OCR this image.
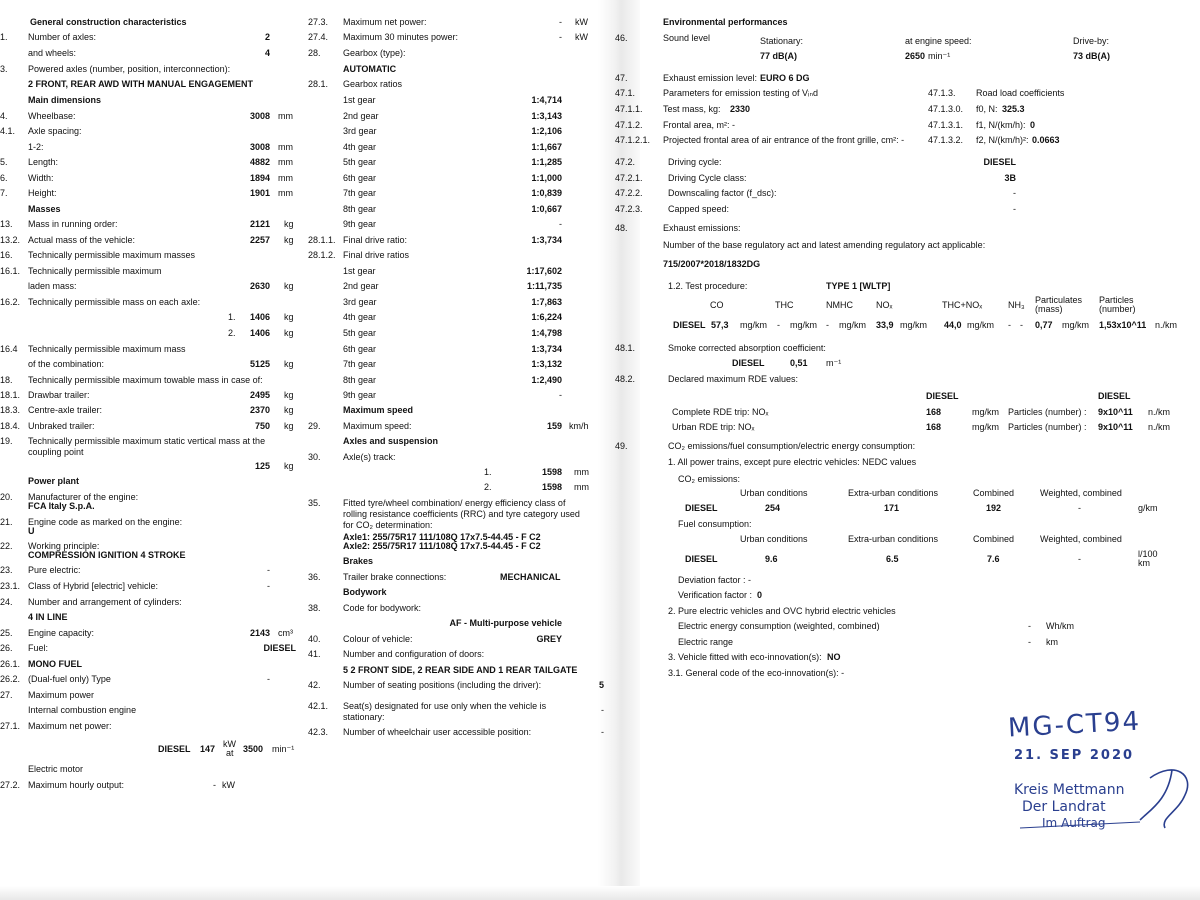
General construction characteristics
1.	Number of axles:	2
and wheels:	4
3.	Powered axles (number, position, interconnection):
2 FRONT, REAR AWD WITH MANUAL ENGAGEMENT
Main dimensions
4.	Wheelbase:	3008 mm
4.1.	Axle spacing:
1-2:	3008 mm
5.	Length:	4882 mm
6.	Width:	1894 mm
7.	Height:	1901 mm
Masses
13.	Mass in running order:	2121 kg
13.2. Actual mass of the vehicle:	2257 kg
16.	Technically permissible maximum masses
16.1. Technically permissible maximum
laden mass:	2630 kg
16.2. Technically permissible mass on each axle:
1.	1406 kg
2.	1406 kg
16.4	Technically permissible maximum mass
of the combination:	5125 kg
18.	Technically permissible maximum towable mass in case of:
18.1. Drawbar trailer:	2495 kg
18.3. Centre-axle trailer:	2370 kg
18.4. Unbraked trailer:	750 kg
19.	Technically permissible maximum static vertical mass at the coupling point
125 kg
Power plant
20.	Manufacturer of the engine:
FCA Italy S.p.A.
21.	Engine code as marked on the engine:
U
22.	Working principle:
COMPRESSION IGNITION 4 STROKE
23.	Pure electric:	-
23.1. Class of Hybrid [electric] vehicle:	-
24.	Number and arrangement of cylinders:
4 IN LINE
25.	Engine capacity:	2143 cm³
26.	Fuel:	DIESEL
26.1. MONO FUEL
26.2. (Dual-fuel only) Type	-
27.	Maximum power
Internal combustion engine
27.1. Maximum net power:
DIESEL	147 kW
at	3500 min⁻¹
Electric motor
27.2. Maximum hourly output:	- kW
27.3.	Maximum net power:	- kW
27.4.	Maximum 30 minutes power:	- kW
28.	Gearbox (type):
AUTOMATIC
28.1.	Gearbox ratios
1st gear	1:4,714
2nd gear	1:3,143
3rd gear	1:2,106
4th gear	1:1,667
5th gear	1:1,285
6th gear	1:1,000
7th gear	1:0,839
8th gear	1:0,667
9th gear	-
28.1.1. Final drive ratio:	1:3,734
28.1.2. Final drive ratios
1st gear	1:17,602
2nd gear	1:11,735
3rd gear	1:7,863
4th gear	1:6,224
5th gear	1:4,798
6th gear	1:3,734
7th gear	1:3,132
8th gear	1:2,490
9th gear	-
Maximum speed
29.	Maximum speed:	159 km/h
Axles and suspension
30.	Axle(s) track:
1.	1598 mm
2.	1598 mm
35.	Fitted tyre/wheel combination/ energy efficiency class of rolling resistance coefficients (RRC) and tyre category used for CO₂ determination:
Axle1: 255/75R17 111/108Q 17x7.5-44.45 - F C2
Axle2: 255/75R17 111/108Q 17x7.5-44.45 - F C2
Brakes
36.	Trailer brake connections:	MECHANICAL
Bodywork
38.	Code for bodywork:
AF - Multi-purpose vehicle
40.	Colour of vehicle:	GREY
41.	Number and configuration of doors:
5 2 FRONT SIDE, 2 REAR SIDE AND 1 REAR TAILGATE
42.	Number of seating positions (including the driver):	5
42.1.	Seat(s) designated for use only when the vehicle is stationary:
-
42.3.	Number of wheelchair user accessible position:	-
Environmental performances
46.	Sound level	Stationary:	at engine speed:	Drive-by:
77 dB(A)	2650 min⁻¹	73 dB(A)
47.	Exhaust emission level: EURO 6 DG
47.1.	Parameters for emission testing of Vᵢₙd	47.1.3.	Road load coefficients
47.1.1.	Test mass, kg:	2330	47.1.3.0.	f0, N: 325.3
47.1.2.	Frontal area, m²: -	47.1.3.1.	f1, N/(km/h): 0
47.1.2.1.	Projected frontal area of air entrance of the front grille, cm²: -	47.1.3.2.	f2, N/(km/h)²: 0.0663
47.2.	Driving cycle:	DIESEL
47.2.1.	Driving Cycle class:	3B
47.2.2.	Downscaling factor (f_dsc):	-
47.2.3.	Capped speed:	-
48.	Exhaust emissions:
Number of the base regulatory act and latest amending regulatory act applicable:
715/2007*2018/1832DG
1.2. Test procedure:	TYPE 1 [WLTP]
CO	THC	NMHC	NOₓ	THC+NOₓ	NH₃	Particulates
(mass)
Particles
(number)
DIESEL 57,3	mg/km	-	mg/km	-	mg/km	33,9 mg/km	44,0 mg/km	-	-	0,77 mg/km	1,53x10^11 n./km
48.1.	Smoke corrected absorption coefficient:
DIESEL	0,51	m⁻¹
48.2.	Declared maximum RDE values:
DIESEL	DIESEL
Complete RDE trip: NOₓ	168	mg/km	Particles (number) :	9x10^11	n./km
Urban RDE trip: NOₓ	168	mg/km	Particles (number) :	9x10^11	n./km
49.	CO₂ emissions/fuel consumption/electric energy consumption:
1. All power trains, except pure electric vehicles: NEDC values
CO₂ emissions:
Urban conditions	Extra-urban conditions	Combined	Weighted, combined
DIESEL	254	171	192	-	g/km
Fuel consumption:
Urban conditions	Extra-urban conditions	Combined	Weighted, combined
DIESEL	9.6	6.5	7.6	-	l/100
km
Deviation factor : -
Verification factor : 0
2. Pure electric vehicles and OVC hybrid electric vehicles
Electric energy consumption (weighted, combined)	-	Wh/km
Electric range	-	km
3. Vehicle fitted with eco-innovation(s): NO
3.1. General code of the eco-innovation(s): -
MG-CT94
21. SEP 2020
Kreis Mettmann
Der Landrat
Im Auftrag
